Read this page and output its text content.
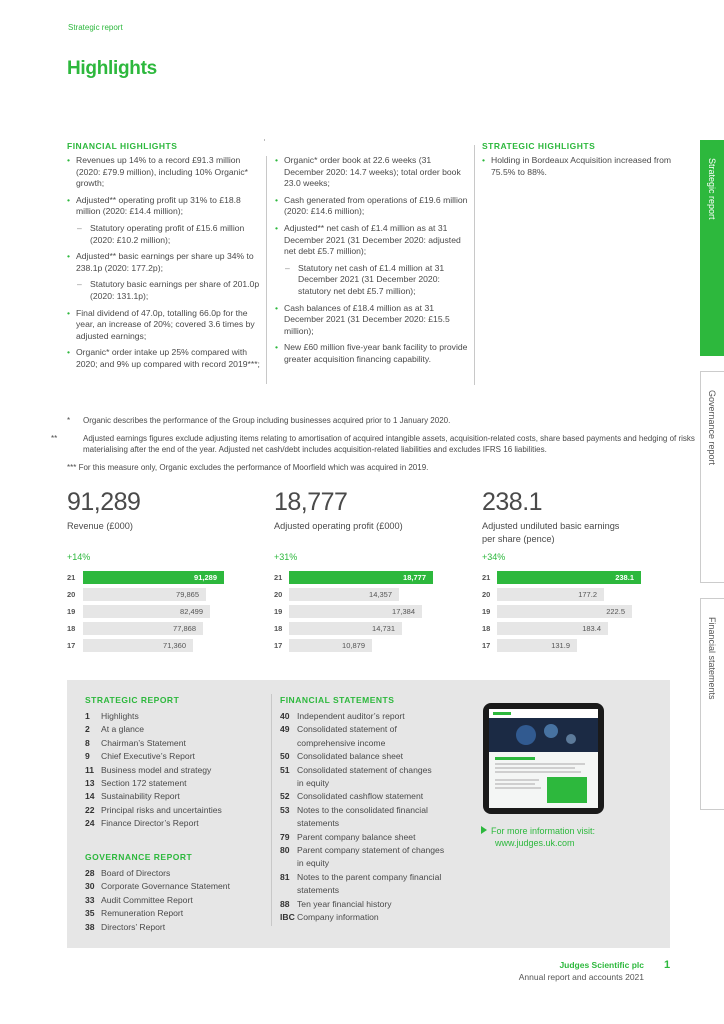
Strategic report
Highlights
FINANCIAL HIGHLIGHTS
• Revenues up 14% to a record £91.3 million (2020: £79.9 million), including 10% Organic* growth;
• Adjusted** operating profit up 31% to £18.8 million (2020: £14.4 million);
– Statutory operating profit of £15.6 million (2020: £10.2 million);
• Adjusted** basic earnings per share up 34% to 238.1p (2020: 177.2p);
– Statutory basic earnings per share of 201.0p (2020: 131.1p);
• Final dividend of 47.0p, totalling 66.0p for the year, an increase of 20%; covered 3.6 times by adjusted earnings;
• Organic* order intake up 25% compared with 2020; and 9% up compared with record 2019***;
• Organic* order book at 22.6 weeks (31 December 2020: 14.7 weeks); total order book 23.0 weeks;
• Cash generated from operations of £19.6 million (2020: £14.6 million);
• Adjusted** net cash of £1.4 million as at 31 December 2021 (31 December 2020: adjusted net debt £5.7 million);
– Statutory net cash of £1.4 million at 31 December 2021 (31 December 2020: statutory net debt £5.7 million);
• Cash balances of £18.4 million as at 31 December 2021 (31 December 2020: £15.5 million);
• New £60 million five-year bank facility to provide greater acquisition financing capability.
STRATEGIC HIGHLIGHTS
• Holding in Bordeaux Acquisition increased from 75.5% to 88%.
* Organic describes the performance of the Group including businesses acquired prior to 1 January 2020.
**	Adjusted earnings figures exclude adjusting items relating to amortisation of acquired intangible assets, acquisition-related costs, share based payments and hedging of risks materialising after the end of the year. Adjusted net cash/debt includes acquisition-related liabilities and excludes IFRS 16 liabilities.
*** For this measure only, Organic excludes the performance of Moorfield which was acquired in 2019.
91,289
Revenue (£000)
+14%
21	91,289
20	79,865
19	82,499
18	77,868
17	71,360
18,777
Adjusted operating profit (£000)
+31%
21	18,777
20	14,357
19	17,384
18	14,731
17	10,879
238.1
Adjusted undiluted basic earnings per share (pence)
+34%
21	238.1
20	177.2
19	222.5
18	183.4
17	131.9
STRATEGIC REPORT
1 Highlights
2 At a glance
8 Chairman’s Statement
9 Chief Executive’s Report
11 Business model and strategy
13 Section 172 statement
14 Sustainability Report
22 Principal risks and uncertainties
24 Finance Director’s Report
GOVERNANCE REPORT
28 Board of Directors
30 Corporate Governance Statement
33 Audit Committee Report
35 Remuneration Report
38 Directors’ Report
FINANCIAL STATEMENTS
40 Independent auditor’s report
49 Consolidated statement of
comprehensive income
50 Consolidated balance sheet
51 Consolidated statement of changes
in equity
52 Consolidated cashflow statement
53 Notes to the consolidated financial
statements
79 Parent company balance sheet
80 Parent company statement of changes
in equity
81 Notes to the parent company financial
statements
88 Ten year financial history
IBC Company information
For more information visit:
www.judges.uk.com
Strategic report
Governance report
Financial statements
Judges Scientific plc
Annual report and accounts 2021
1
